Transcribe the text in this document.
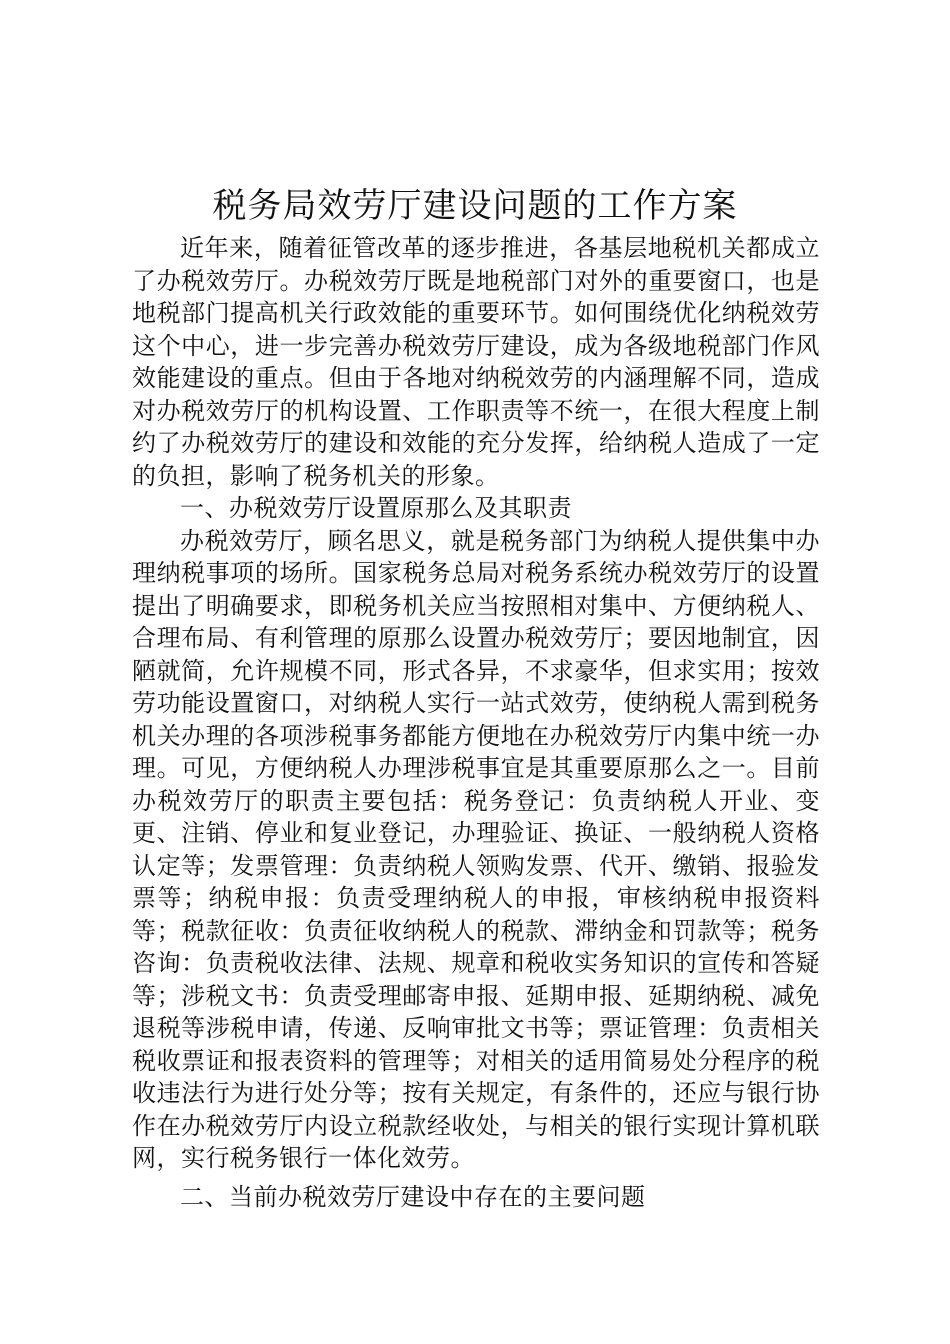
税务局效劳厅建设问题的工作方案

近年来，随着征管改革的逐步推进，各基层地税机关都成立了办税效劳厅。办税效劳厅既是地税部门对外的重要窗口，也是地税部门提高机关行政效能的重要环节。如何围绕优化纳税效劳这个中心，进一步完善办税效劳厅建设，成为各级地税部门作风效能建设的重点。但由于各地对纳税效劳的内涵理解不同，造成对办税效劳厅的机构设置、工作职责等不统一，在很大程度上制约了办税效劳厅的建设和效能的充分发挥，给纳税人造成了一定的负担，影响了税务机关的形象。

一、办税效劳厅设置原那么及其职责

办税效劳厅，顾名思义，就是税务部门为纳税人提供集中办理纳税事项的场所。国家税务总局对税务系统办税效劳厅的设置提出了明确要求，即税务机关应当按照相对集中、方便纳税人、合理布局、有利管理的原那么设置办税效劳厅；要因地制宜，因陋就简，允许规模不同，形式各异，不求豪华，但求实用；按效劳功能设置窗口，对纳税人实行一站式效劳，使纳税人需到税务机关办理的各项涉税事务都能方便地在办税效劳厅内集中统一办理。可见，方便纳税人办理涉税事宜是其重要原那么之一。目前办税效劳厅的职责主要包括：税务登记：负责纳税人开业、变更、注销、停业和复业登记，办理验证、换证、一般纳税人资格认定等；发票管理：负责纳税人领购发票、代开、缴销、报验发票等；纳税申报：负责受理纳税人的申报，审核纳税申报资料等；税款征收：负责征收纳税人的税款、滞纳金和罚款等；税务咨询：负责税收法律、法规、规章和税收实务知识的宣传和答疑等；涉税文书：负责受理邮寄申报、延期申报、延期纳税、减免退税等涉税申请，传递、反响审批文书等；票证管理：负责相关税收票证和报表资料的管理等；对相关的适用简易处分程序的税收违法行为进行处分等；按有关规定，有条件的，还应与银行协作在办税效劳厅内设立税款经收处，与相关的银行实现计算机联网，实行税务银行一体化效劳。

二、当前办税效劳厅建设中存在的主要问题
